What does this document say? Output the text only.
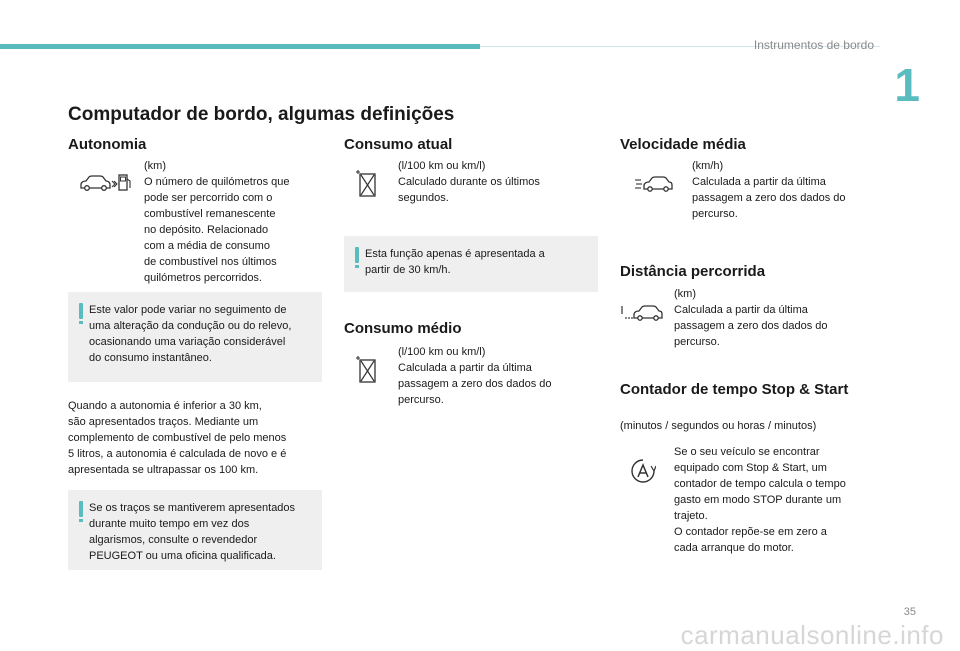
Instrumentos de bordo
1
Computador de bordo, algumas definições
Autonomia

(km)
O número de quilómetros que
pode ser percorrido com o
combustível remanescente
no depósito. Relacionado
com a média de consumo
de combustível nos últimos
quilómetros percorridos.

Este valor pode variar no seguimento de
uma alteração da condução ou do relevo,
ocasionando uma variação considerável
do consumo instantâneo.

Quando a autonomia é inferior a 30 km,
são apresentados traços. Mediante um
complemento de combustível de pelo menos
5 litros, a autonomia é calculada de novo e é
apresentada se ultrapassar os 100 km.

Se os traços se mantiverem apresentados
durante muito tempo em vez dos
algarismos, consulte o revendedor
PEUGEOT ou uma oficina qualificada.
Consumo atual

(l/100 km ou km/l)
Calculado durante os últimos
segundos.

Esta função apenas é apresentada a
partir de 30 km/h.
Consumo médio

(l/100 km ou km/l)
Calculada a partir da última
passagem a zero dos dados do
percurso.

Velocidade média

(km/h)
Calculada a partir da última
passagem a zero dos dados do
percurso.

Distância percorrida

(km)
Calculada a partir da última
passagem a zero dos dados do
percurso.

Contador de tempo Stop & Start

(minutos / segundos ou horas / minutos)

Se o seu veículo se encontrar
equipado com Stop & Start, um
contador de tempo calcula o tempo
gasto em modo STOP durante um
trajeto.
O contador repõe-se em zero a
cada arranque do motor.

35
carmanualsonline.info
